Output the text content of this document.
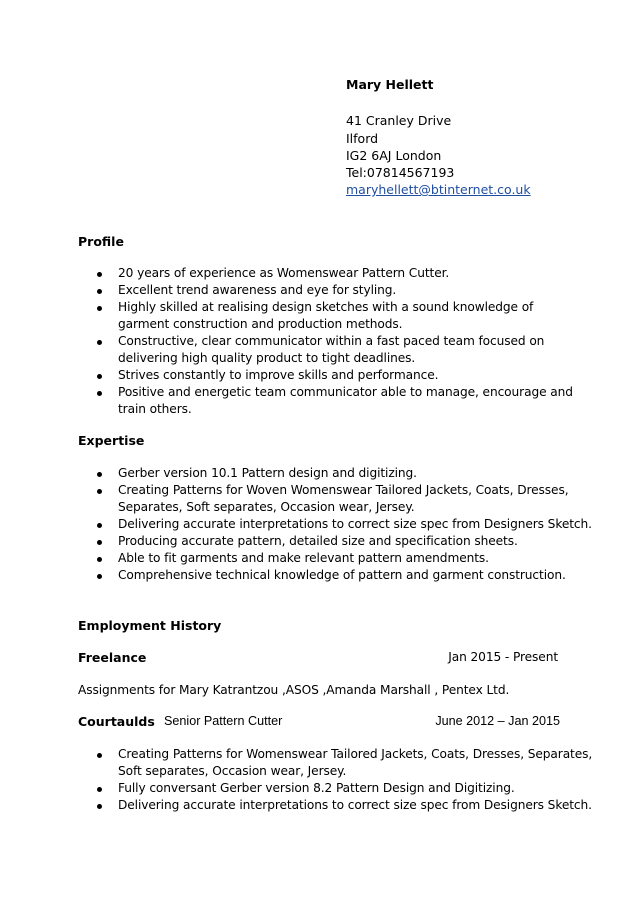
Mary Hellett
41 Cranley Drive
Ilford
IG2 6AJ London
Tel:07814567193
maryhellett@btinternet.co.uk
Profile
20 years of experience as Womenswear Pattern Cutter.
Excellent trend awareness and eye for styling.
Highly skilled at realising design sketches with a sound knowledge of
garment construction and production methods.
Constructive, clear communicator within a fast paced team focused on
delivering high quality product to tight deadlines.
Strives constantly to improve skills and performance.
Positive and energetic team communicator able to manage, encourage and
train others.
Expertise
Gerber version 10.1 Pattern design and digitizing.
Creating Patterns for Woven Womenswear Tailored Jackets, Coats, Dresses,
Separates, Soft separates, Occasion wear, Jersey.
Delivering accurate interpretations to correct size spec from Designers Sketch.
Producing accurate pattern, detailed size and specification sheets.
Able to fit garments and make relevant pattern amendments.
Comprehensive technical knowledge of pattern and garment construction.
Employment History
Freelance	Jan 2015 - Present
Assignments for Mary Katrantzou ,ASOS ,Amanda Marshall , Pentex Ltd.
Courtaulds Senior Pattern Cutter	June 2012 – Jan 2015
Creating Patterns for Womenswear Tailored Jackets, Coats, Dresses, Separates,
Soft separates, Occasion wear, Jersey.
Fully conversant Gerber version 8.2 Pattern Design and Digitizing.
Delivering accurate interpretations to correct size spec from Designers Sketch.
